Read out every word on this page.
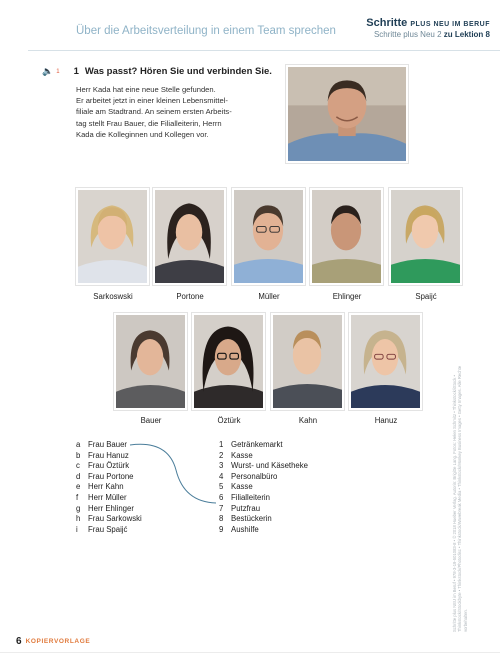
Über die Arbeitsverteilung in einem Team sprechen
Schritte PLUS NEU IM BERUF
Schritte plus Neu 2 zu Lektion 8
🔈 1 1 Was passt? Hören Sie und verbinden Sie.
Herr Kada hat eine neue Stelle gefunden.
Er arbeitet jetzt in einer kleinen Lebensmittel-
filiale am Stadtrand. An seinem ersten Arbeits-
tag stellt Frau Bauer, die Filialleiterin, Herrn
Kada die Kolleginnen und Kollegen vor.
Sarkoswski	Portone	Müller	Ehlinger	Spaijć
Bauer	Öztürk	Kahn	Hanuz
a Frau Bauer
b Frau Hanuz
c	Frau Öztürk
d Frau Portone
e Herr Kahn
f	Herr Müller
g Herr Ehlinger
h Frau Sarkowski
i	Frau Spaijć
1 Getränkemarkt
2 Kasse
3 Wurst- und Käsetheke
4 Personalbüro
5 Kasse
6 Filialleiterin
7 Putzfrau
8 Bestückerin
9 Aushilfe	Schritte plus NEU im Beruf • 978-3-19-501083-8 • © 2018 Hueber Verlag. Autorin: Brigitte Lang. Fotos: Helen Schmitz • Thinkstock/iStock • Thinkstock/Stockbyte • Thinkstock/Photodisc • Thinkstock/Wavebreak Media • Thinkstock/Monkey Business Images • Getty Images. Alle Rechte vorbehalten.
6 KOPIERVORLAGE
